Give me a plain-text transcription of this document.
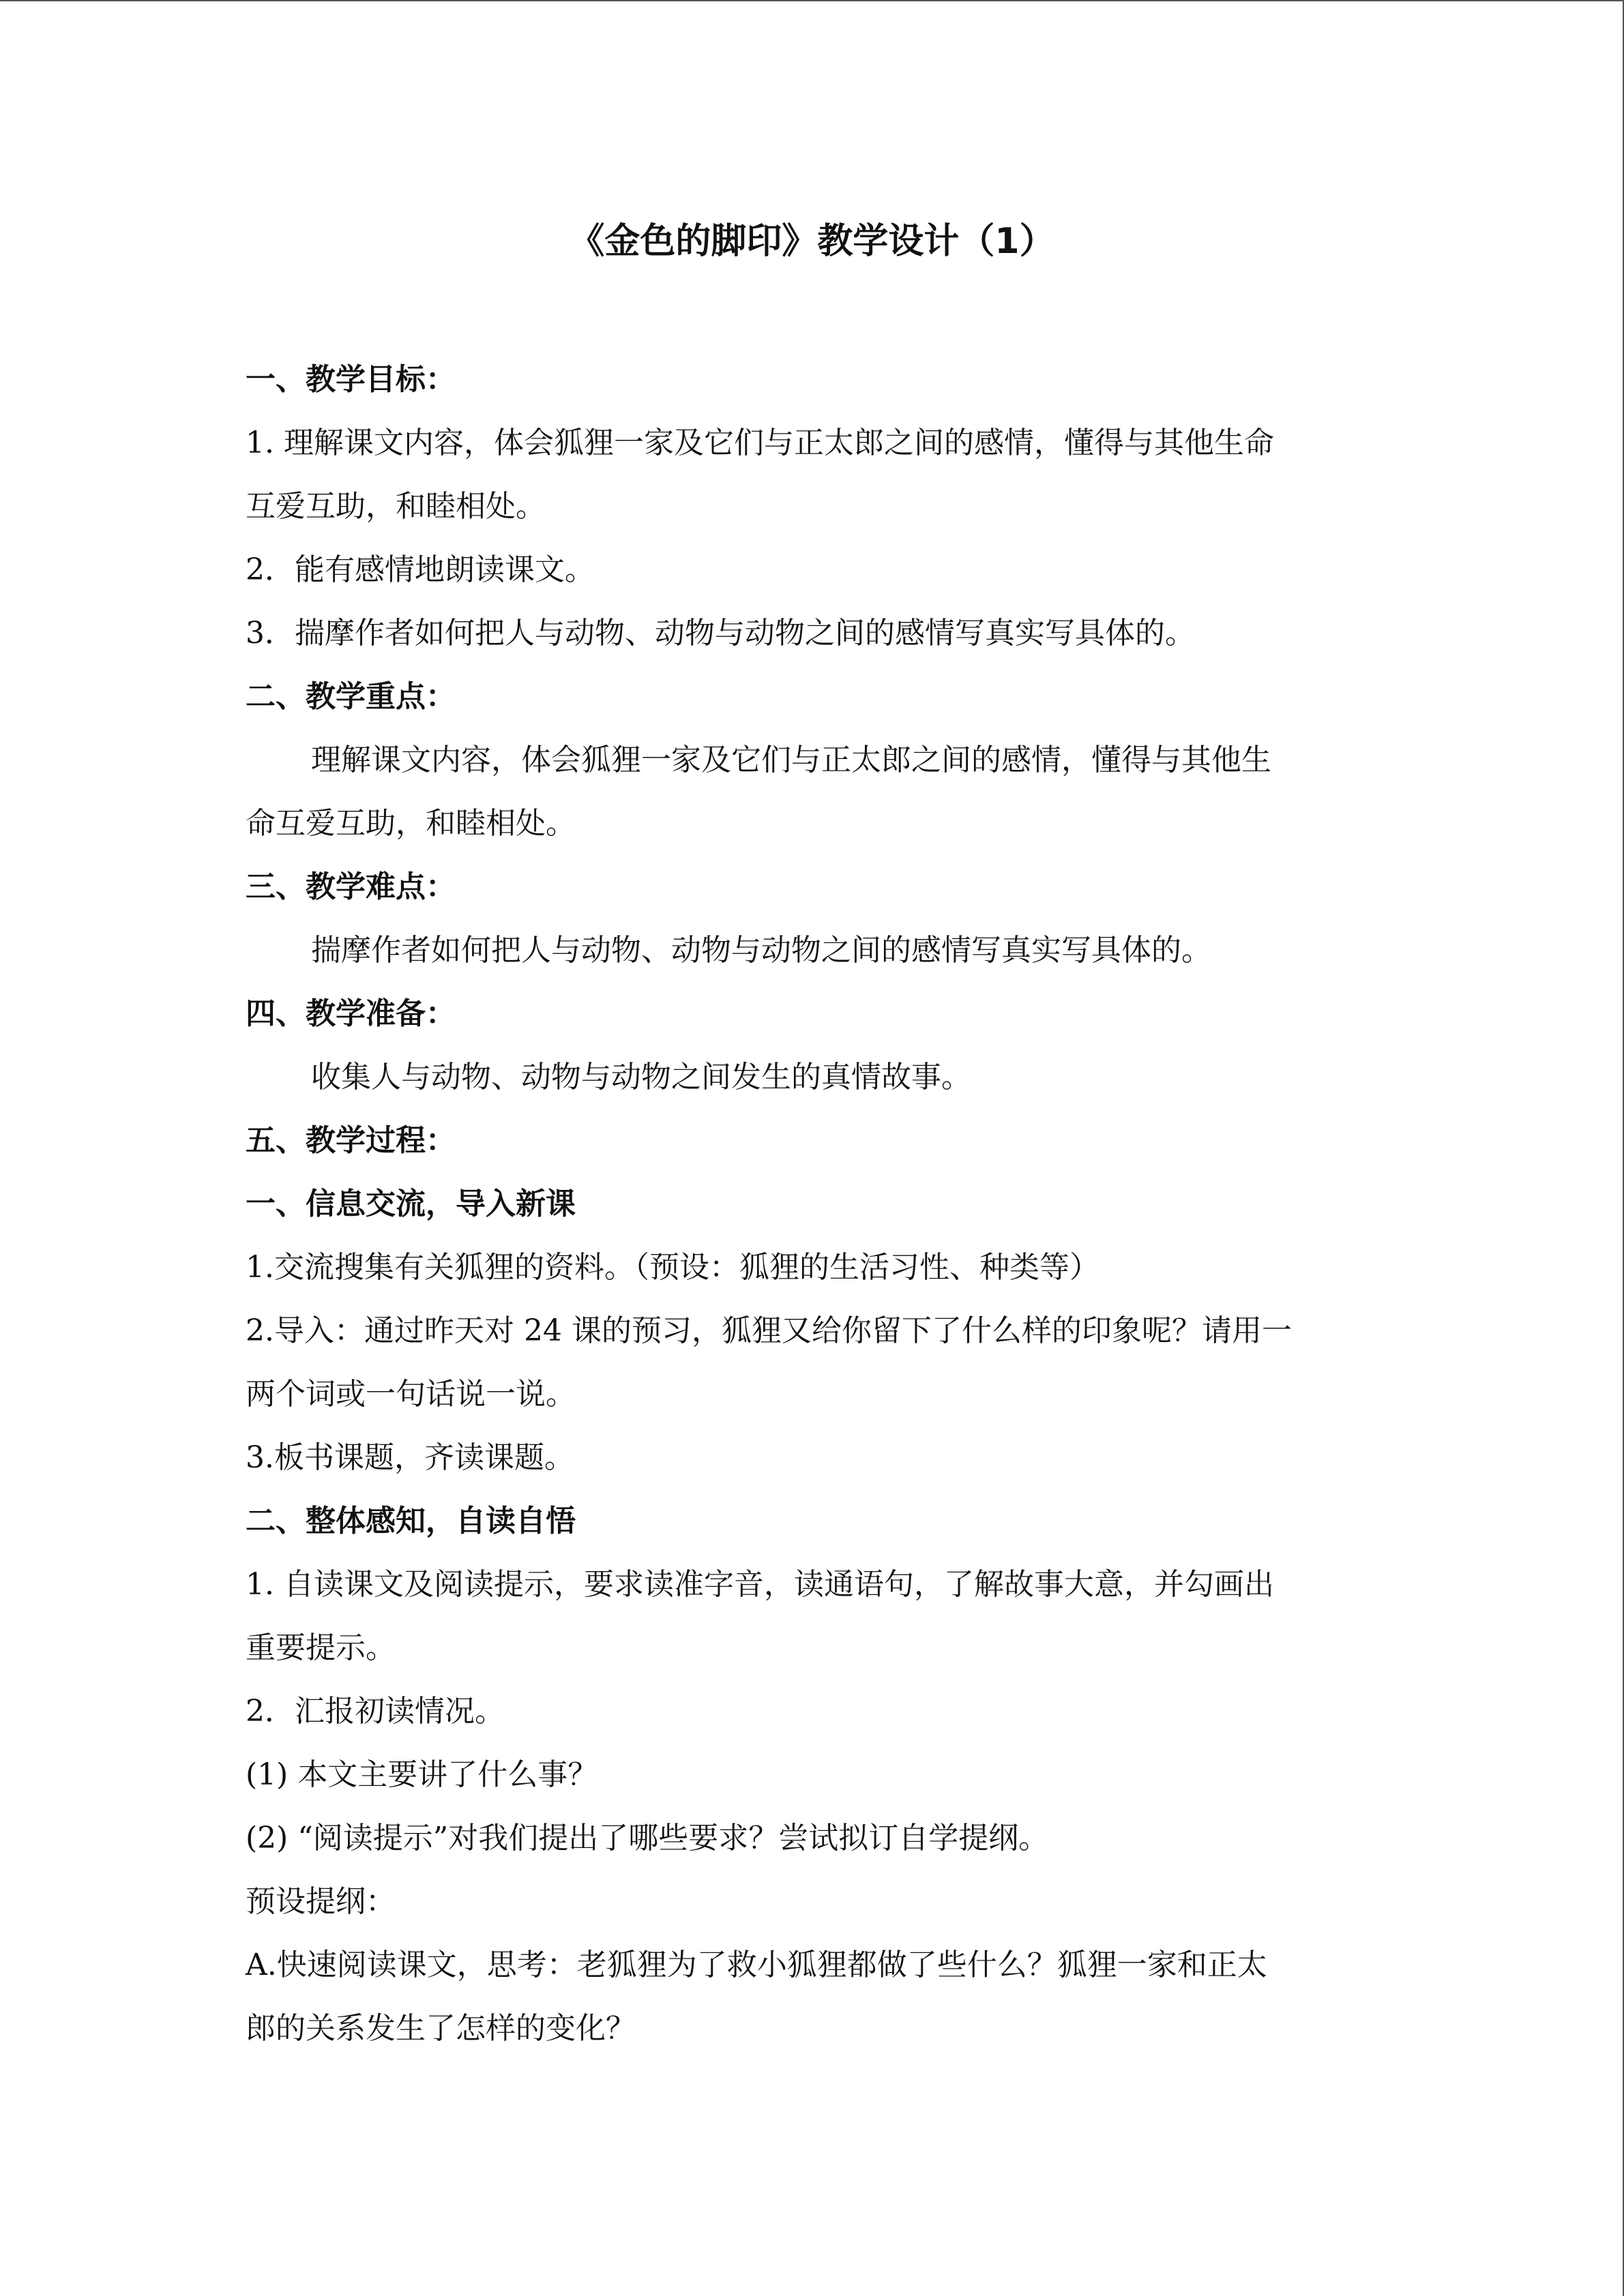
《金色的脚印》教学设计（1）

一、教学目标：

1. 理解课文内容，体会狐狸一家及它们与正太郎之间的感情，懂得与其他生命

互爱互助，和睦相处。

2．能有感情地朗读课文。

3．揣摩作者如何把人与动物、动物与动物之间的感情写真实写具体的。

二、教学重点：

理解课文内容，体会狐狸一家及它们与正太郎之间的感情，懂得与其他生

命互爱互助，和睦相处。

三、教学难点：

揣摩作者如何把人与动物、动物与动物之间的感情写真实写具体的。

四、教学准备：

收集人与动物、动物与动物之间发生的真情故事。

五、教学过程：

一、信息交流，导入新课

1.交流搜集有关狐狸的资料。（预设：狐狸的生活习性、种类等）

2.导入：通过昨天对 24 课的预习，狐狸又给你留下了什么样的印象呢？请用一

两个词或一句话说一说。

3.板书课题，齐读课题。

二、整体感知，自读自悟

1. 自读课文及阅读提示，要求读准字音，读通语句，了解故事大意，并勾画出

重要提示。

2．汇报初读情况。

(1) 本文主要讲了什么事？

(2) “阅读提示”对我们提出了哪些要求？尝试拟订自学提纲。

预设提纲：

A.快速阅读课文，思考：老狐狸为了救小狐狸都做了些什么？狐狸一家和正太

郎的关系发生了怎样的变化？
